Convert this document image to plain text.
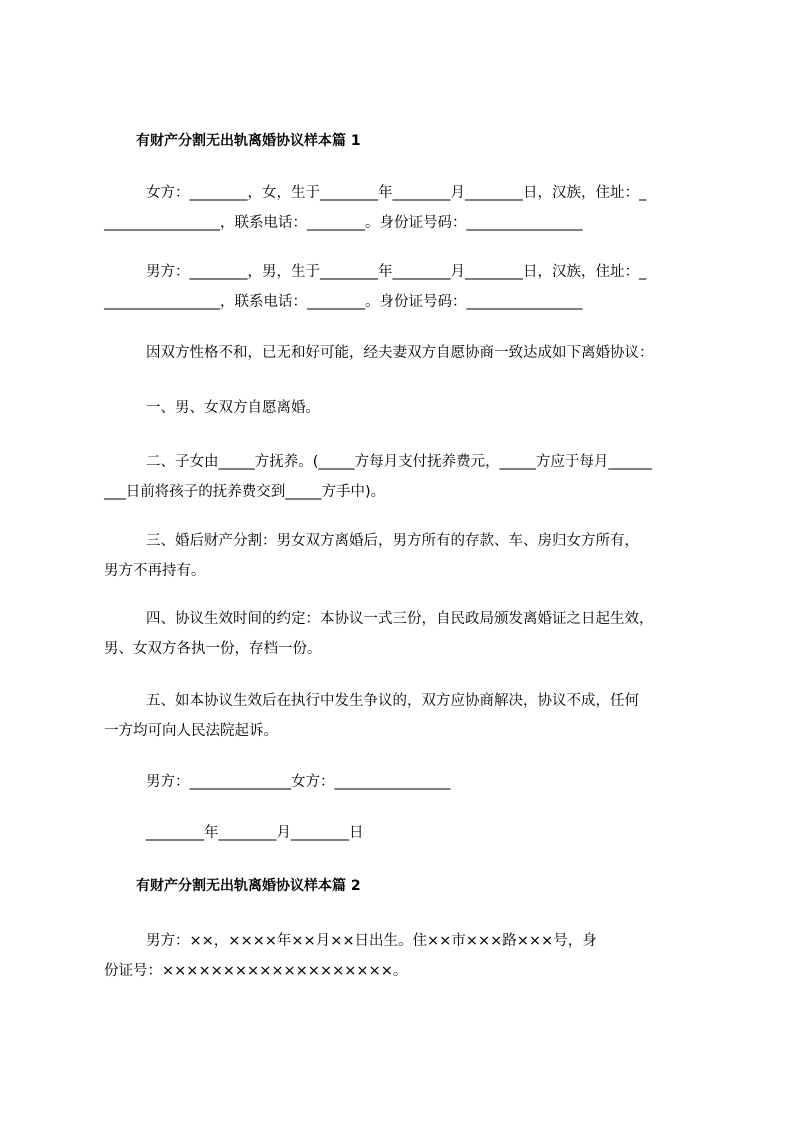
有财产分割无出轨离婚协议样本篇 1
女方：________，女，生于________年________月________日，汉族，住址：_
________________，联系电话：________。身份证号码：________________
男方：________，男，生于________年________月________日，汉族，住址：_
________________，联系电话：________。身份证号码：________________
因双方性格不和，已无和好可能，经夫妻双方自愿协商一致达成如下离婚协议：
一、男、女双方自愿离婚。
二、子女由_____方抚养。(_____方每月支付抚养费元，_____方应于每月______
___日前将孩子的抚养费交到_____方手中)。
三、婚后财产分割：男女双方离婚后，男方所有的存款、车、房归女方所有，
男方不再持有。
四、协议生效时间的约定：本协议一式三份，自民政局颁发离婚证之日起生效，
男、女双方各执一份，存档一份。
五、如本协议生效后在执行中发生争议的，双方应协商解决，协议不成，任何
一方均可向人民法院起诉。
男方：______________女方：________________
________年________月________日
有财产分割无出轨离婚协议样本篇 2
男方：××，××××年××月××日出生。住××市×××路×××号，身
份证号：×××××××××××××××××××。
